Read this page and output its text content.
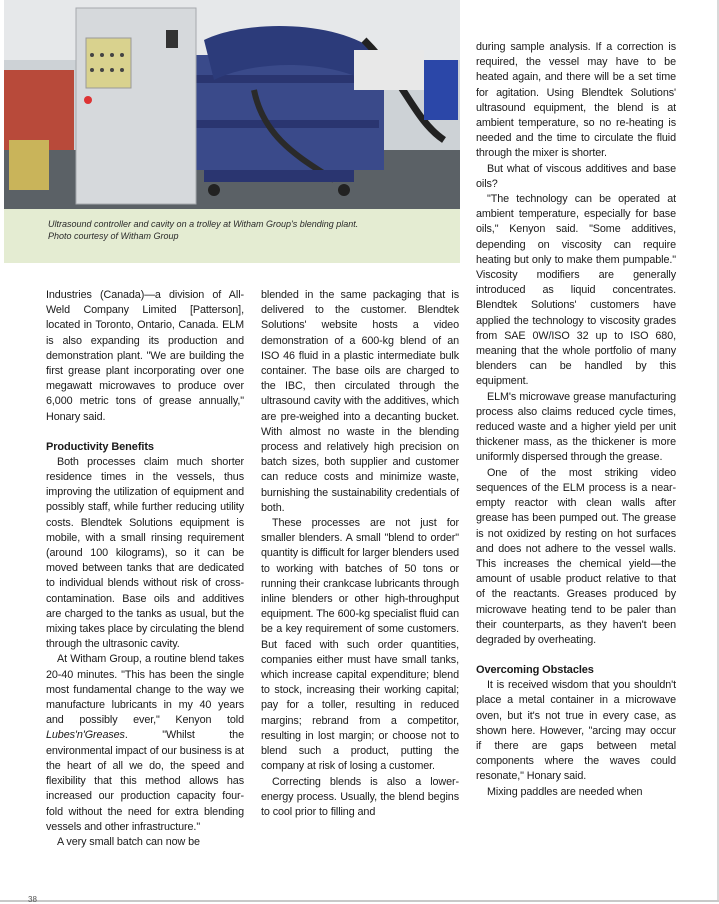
Ultrasound controller and cavity on a trolley at Witham Group's blending plant.
Photo courtesy of Witham Group

Industries (Canada)—a division of All-Weld Company Limited [Patterson], located in Toronto, Ontario, Canada. ELM is also expanding its production and demonstration plant. "We are building the first grease plant incorporating over one megawatt microwaves to produce over 6,000 metric tons of grease annually," Honary said.

Productivity Benefits

Both processes claim much shorter residence times in the vessels, thus improving the utilization of equipment and possibly staff, while further reducing utility costs. Blendtek Solutions equipment is mobile, with a small rinsing requirement (around 100 kilograms), so it can be moved between tanks that are dedicated to individual blends without risk of cross-contamination. Base oils and additives are charged to the tanks as usual, but the mixing takes place by circulating the blend through the ultrasonic cavity.

At Witham Group, a routine blend takes 20-40 minutes. "This has been the single most fundamental change to the way we manufacture lubricants in my 40 years and possibly ever," Kenyon told Lubes'n'Greases. "Whilst the environmental impact of our business is at the heart of all we do, the speed and flexibility that this method allows has increased our production capacity four-fold without the need for extra blending vessels and other infrastructure."

A very small batch can now be

blended in the same packaging that is delivered to the customer. Blendtek Solutions' website hosts a video demonstration of a 600-kg blend of an ISO 46 fluid in a plastic intermediate bulk container. The base oils are charged to the IBC, then circulated through the ultrasound cavity with the additives, which are pre-weighed into a decanting bucket. With almost no waste in the blending process and relatively high precision on batch sizes, both supplier and customer can reduce costs and minimize waste, burnishing the sustainability credentials of both.

These processes are not just for smaller blenders. A small "blend to order" quantity is difficult for larger blenders used to working with batches of 50 tons or running their crankcase lubricants through inline blenders or other high-throughput equipment. The 600-kg specialist fluid can be a key requirement of some customers. But faced with such order quantities, companies either must have small tanks, which increase capital expenditure; blend to stock, increasing their working capital; pay for a toller, resulting in reduced margins; rebrand from a competitor, resulting in lost margin; or choose not to blend such a product, putting the company at risk of losing a customer.

Correcting blends is also a lower-energy process. Usually, the blend begins to cool prior to filling and

during sample analysis. If a correction is required, the vessel may have to be heated again, and there will be a set time for agitation. Using Blendtek Solutions' ultrasound equipment, the blend is at ambient temperature, so no re-heating is needed and the time to circulate the fluid through the mixer is shorter.

But what of viscous additives and base oils?

"The technology can be operated at ambient temperature, especially for base oils," Kenyon said. "Some additives, depending on viscosity can require heating but only to make them pumpable." Viscosity modifiers are generally introduced as liquid concentrates. Blendtek Solutions' customers have applied the technology to viscosity grades from SAE 0W/ISO 32 up to ISO 680, meaning that the whole portfolio of many blenders can be handled by this equipment.

ELM's microwave grease manufacturing process also claims reduced cycle times, reduced waste and a higher yield per unit thickener mass, as the thickener is more uniformly dispersed through the grease.

One of the most striking video sequences of the ELM process is a near-empty reactor with clean walls after grease has been pumped out. The grease is not oxidized by resting on hot surfaces and does not adhere to the vessel walls. This increases the chemical yield—the amount of usable product relative to that of the reactants. Greases produced by microwave heating tend to be paler than their counterparts, as they haven't been degraded by overheating.

Overcoming Obstacles

It is received wisdom that you shouldn't place a metal container in a microwave oven, but it's not true in every case, as shown here. However, "arcing may occur if there are gaps between metal components where the waves could resonate," Honary said.

Mixing paddles are needed when

38
